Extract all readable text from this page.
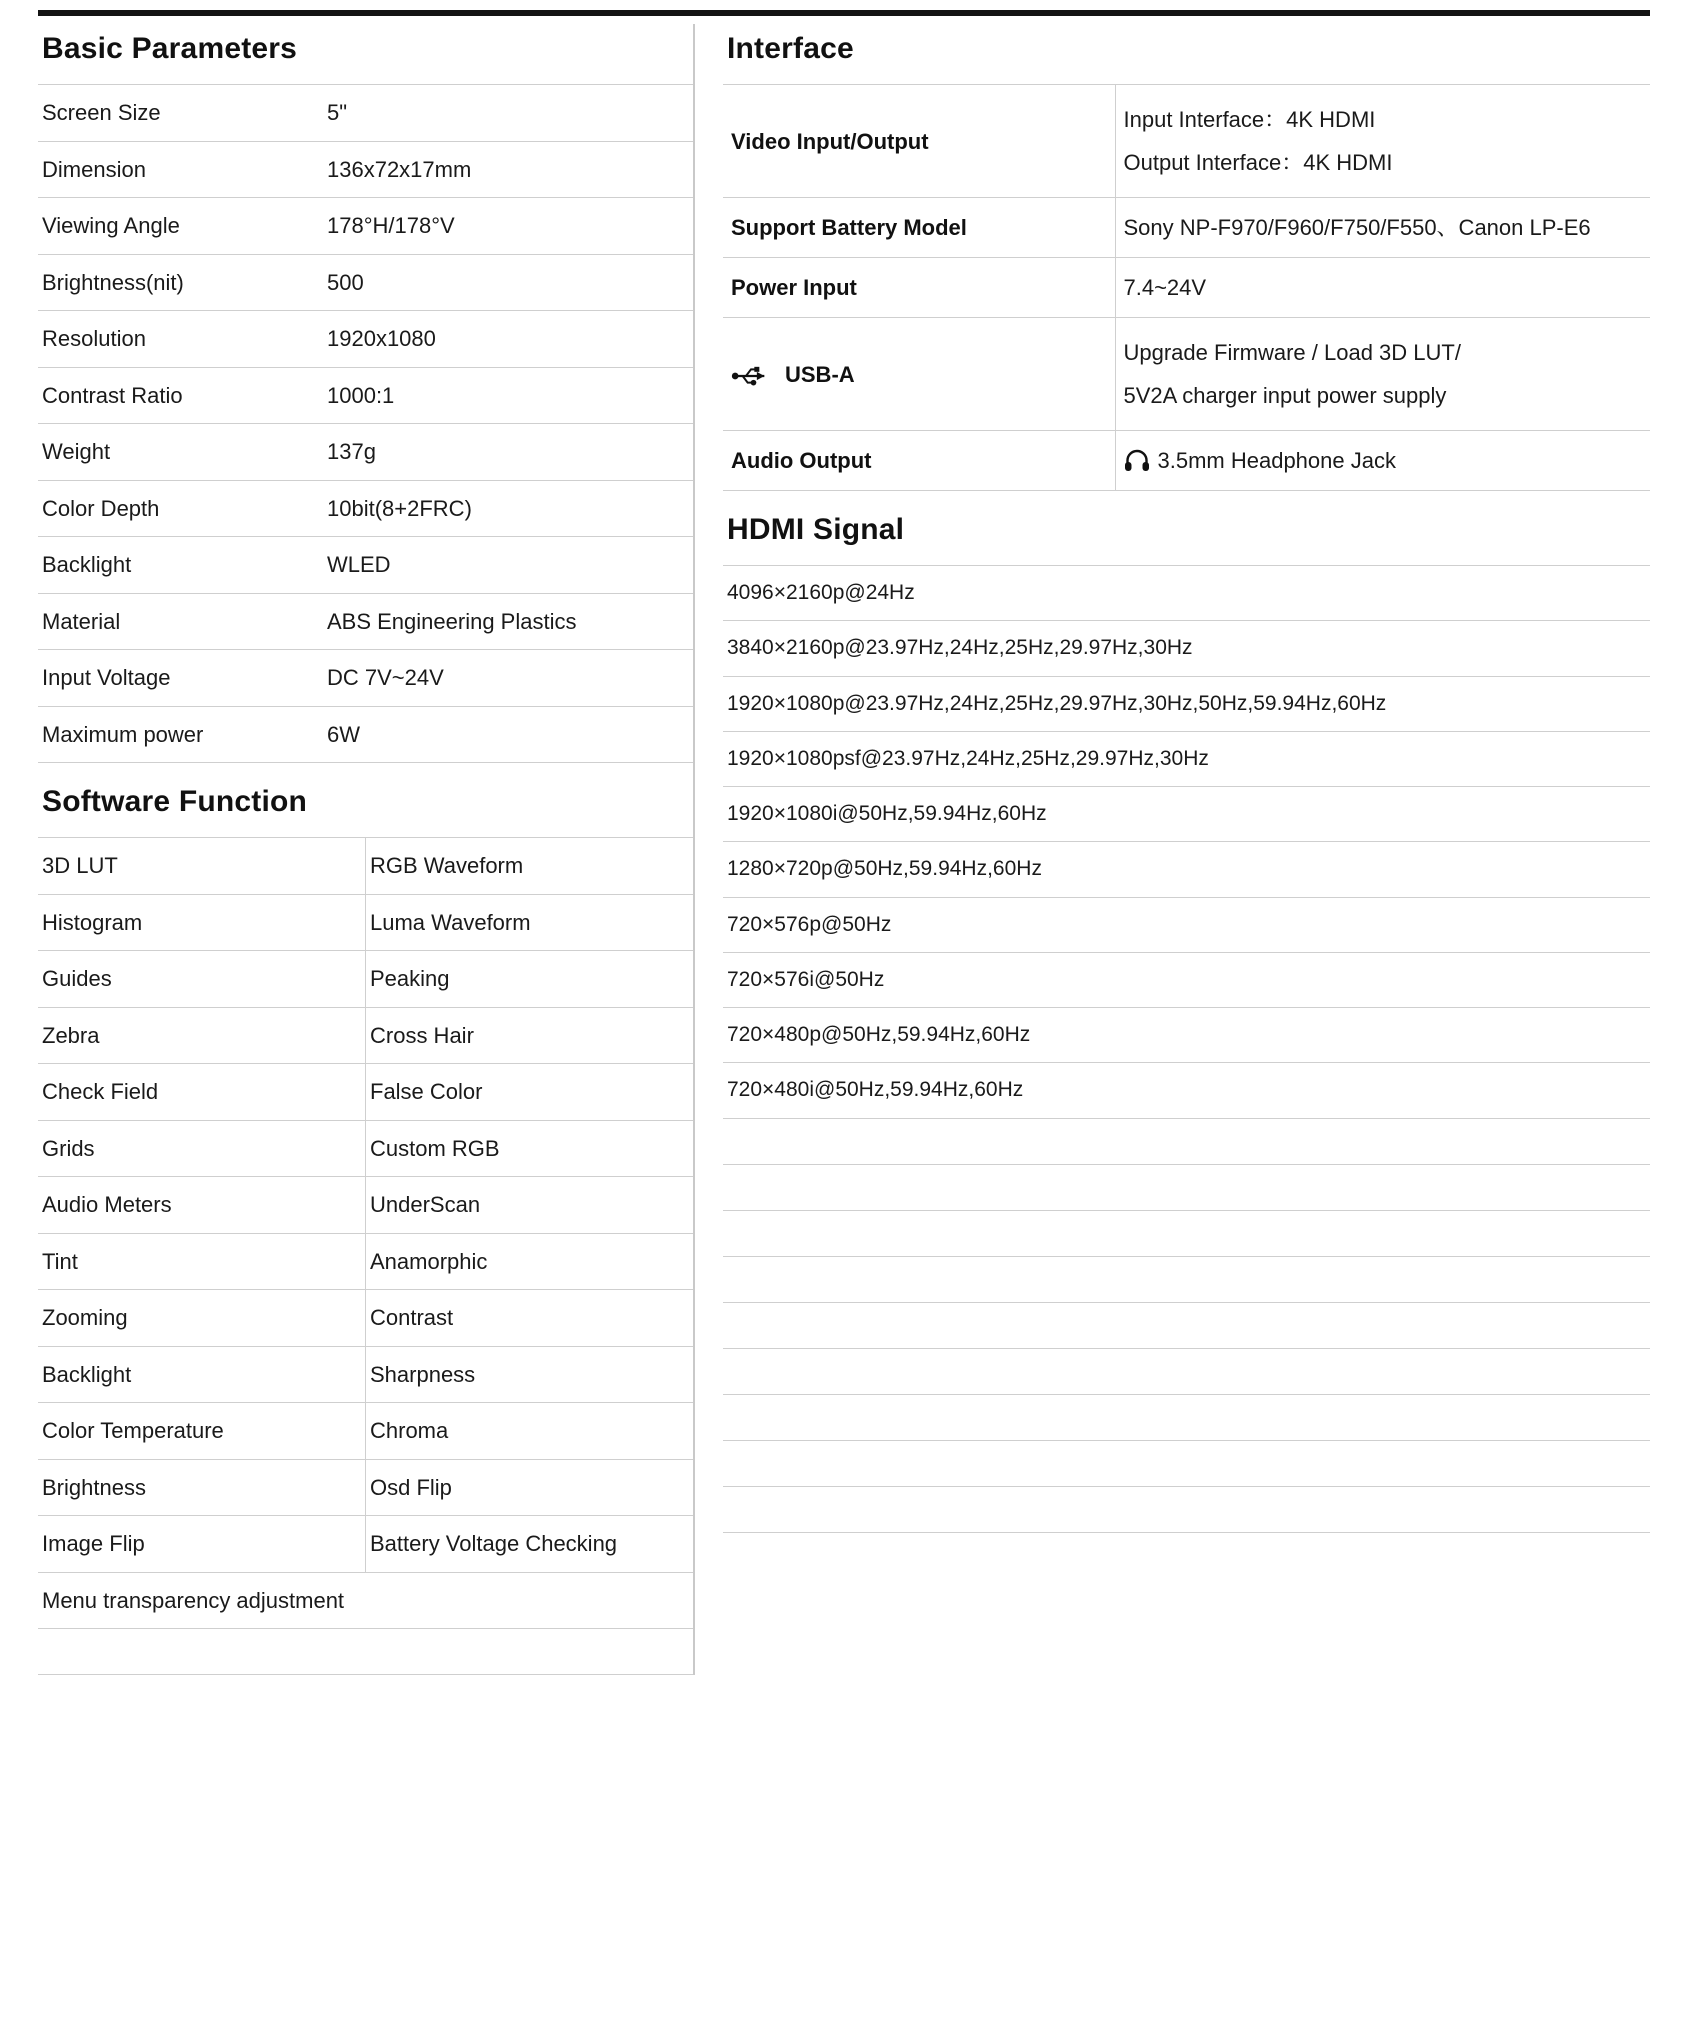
Basic Parameters
Screen Size	5"
Dimension	136x72x17mm
Viewing Angle	178°H/178°V
Brightness(nit)	500
Resolution	1920x1080
Contrast Ratio	1000:1
Weight	137g
Color Depth	10bit(8+2FRC)
Backlight	WLED
Material	ABS Engineering Plastics
Input Voltage	DC 7V~24V
Maximum power	6W
Software Function
3D LUT	RGB Waveform
Histogram	Luma Waveform
Guides	Peaking
Zebra	Cross Hair
Check Field	False Color
Grids	Custom RGB
Audio Meters	UnderScan
Tint	Anamorphic
Zooming	Contrast
Backlight	Sharpness
Color Temperature	Chroma
Brightness	Osd Flip
Image Flip	Battery Voltage Checking
Menu transparency adjustment	

Interface
Video Input/Output	Input Interface：4K HDMI
Output Interface：4K HDMI

Support Battery Model	Sony NP-F970/F960/F750/F550、Canon LP-E6
Power Input	7.4~24V

USB-A	Upgrade Firmware / Load 3D LUT/
5V2A charger input power supply

Audio Output	3.5mm Headphone Jack
HDMI Signal
4096×2160p@24Hz
3840×2160p@23.97Hz,24Hz,25Hz,29.97Hz,30Hz
1920×1080p@23.97Hz,24Hz,25Hz,29.97Hz,30Hz,50Hz,59.94Hz,60Hz
1920×1080psf@23.97Hz,24Hz,25Hz,29.97Hz,30Hz
1920×1080i@50Hz,59.94Hz,60Hz
1280×720p@50Hz,59.94Hz,60Hz
720×576p@50Hz
720×576i@50Hz
720×480p@50Hz,59.94Hz,60Hz
720×480i@50Hz,59.94Hz,60Hz
